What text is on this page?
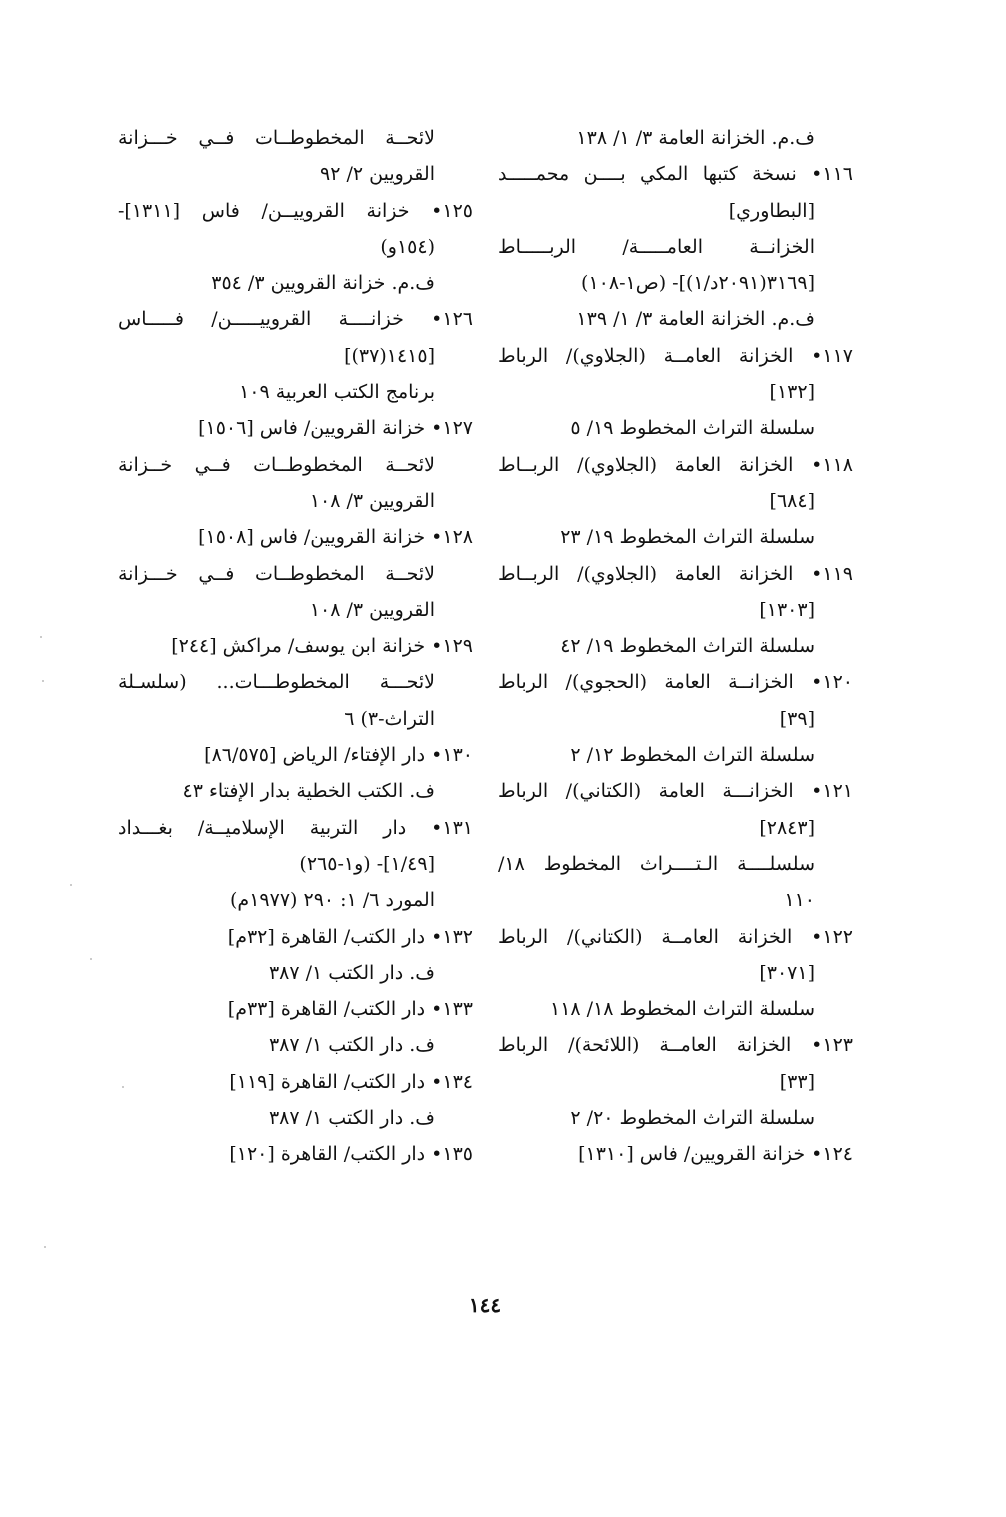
ف.م. الخزانة العامة ٣/ ١/ ١٣٨
١١٦• نسخة كتبها المكي بــــن محمـــــد
[البطاوري]
الخزانــة العامـــــة/ الربـــــاط
[٣١٦٩(٢٠٩١د/١)]- (ص١-١٠٨)
ف.م. الخزانة العامة ٣/ ١/ ١٣٩
١١٧• الخزانة العامــة (الجلاوي)/ الرباط
[١٣٢]
سلسلة التراث المخطوط ١٩/ ٥
١١٨• الخزانة العامة (الجلاوي)/ الربــاط
[٦٨٤]
سلسلة التراث المخطوط ١٩/ ٢٣
١١٩• الخزانة العامة (الجلاوي)/ الربــاط
[١٣٠٣]
سلسلة التراث المخطوط ١٩/ ٤٢
١٢٠• الخزانــة العامة (الحجوي)/ الرباط
[٣٩]
سلسلة التراث المخطوط ١٢/ ٢
١٢١• الخزانـــة العامة (الكتاني)/ الرباط
[٢٨٤٣]
سلسلــــة الـتــــراث المخطوط ١٨/
١١٠
١٢٢• الخزانة العامــة (الكتاني)/ الرباط
[٣٠٧١]
سلسلة التراث المخطوط ١٨/ ١١٨
١٢٣• الخزانة العامــة (اللائحة)/ الرباط
[٣٣]
سلسلة التراث المخطوط ٢٠/ ٢
١٢٤• خزانة القرويين/ فاس [١٣١٠]
لائحــة المخطوطــات فــي خـــزانة
القرويين ٢/ ٩٢
١٢٥• خزانة القروييــن/ فاس [١٣١١]-
(١٥٤و)
ف.م. خزانة القرويين ٣/ ٣٥٤
١٢٦• خزانــــة القروييـــــن/ فـــــاس
[١٤١٥(٣٧)]
برنامج الكتب العربية ١٠٩
١٢٧• خزانة القرويين/ فاس [١٥٠٦]
لائحــة المخطوطــات فــي خــزانة
القرويين ٣/ ١٠٨
١٢٨• خزانة القرويين/ فاس [١٥٠٨]
لائحــة المخطوطــات فــي خـــزانة
القرويين ٣/ ١٠٨
١٢٩• خزانة ابن يوسف/ مراكش [٢٤٤]
لائحـــة المخطوطـــات... (سلسـلة
التراث-٣) ٦
١٣٠• دار الإفتاء/ الرياض [٨٦/٥٧٥]
ف. الكتب الخطية بدار الإفتاء ٤٣
١٣١• دار التربية الإسلاميــة/ بغـــداد
[١/٤٩]- (و١-٢٦٥)
المورد ٦/ ١: ٢٩٠ (١٩٧٧م)
١٣٢• دار الكتب/ القاهرة [٣٢م]
ف. دار الكتب ١/ ٣٨٧
١٣٣• دار الكتب/ القاهرة [٣٣م]
ف. دار الكتب ١/ ٣٨٧
١٣٤• دار الكتب/ القاهرة [١١٩]
ف. دار الكتب ١/ ٣٨٧
١٣٥• دار الكتب/ القاهرة [١٢٠]
١٤٤
